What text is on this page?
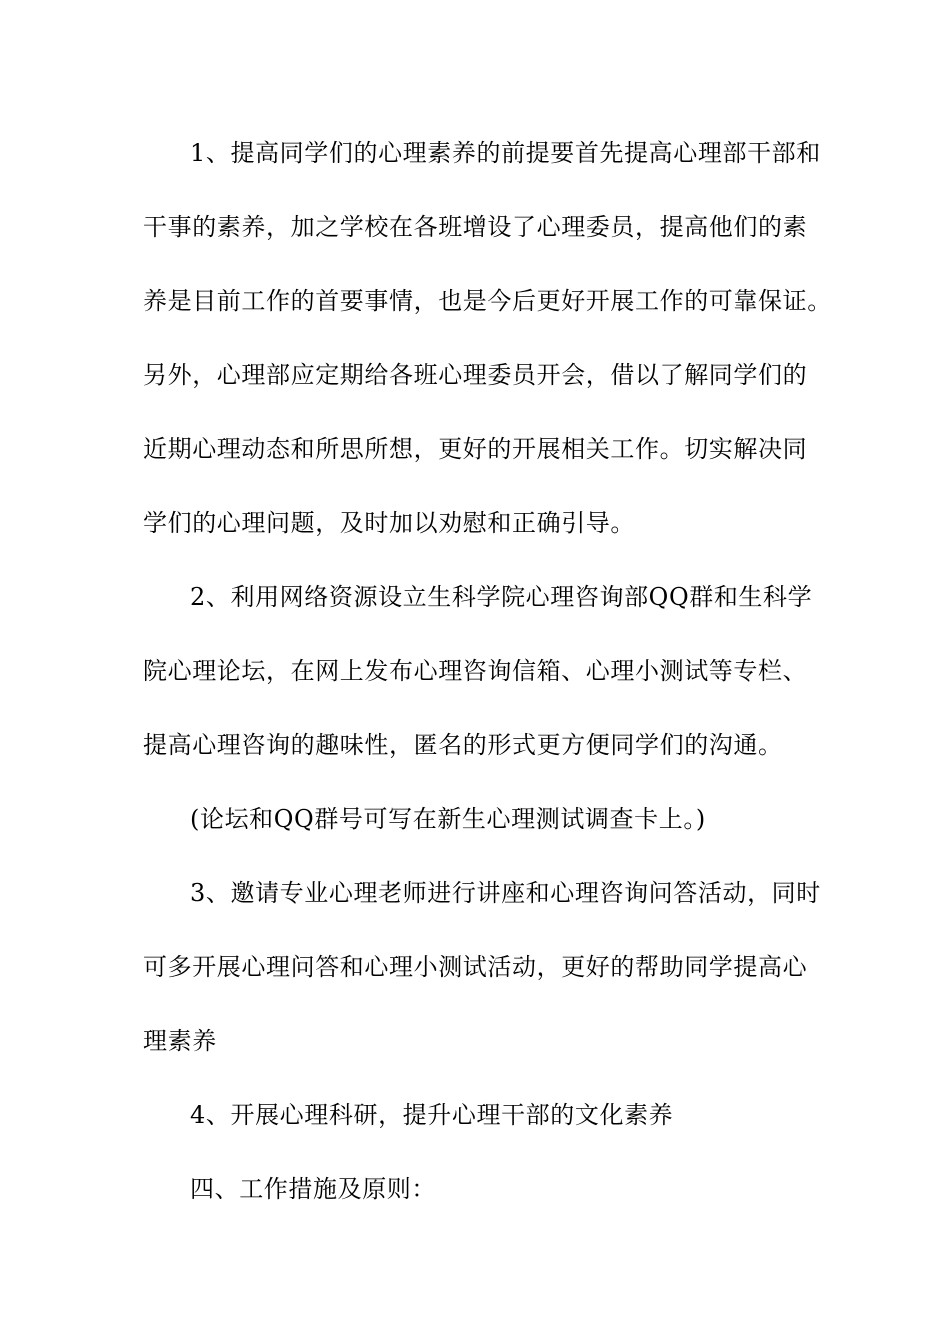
1、提高同学们的心理素养的前提要首先提高心理部干部和
干事的素养，加之学校在各班增设了心理委员，提高他们的素
养是目前工作的首要事情，也是今后更好开展工作的可靠保证。
另外，心理部应定期给各班心理委员开会，借以了解同学们的
近期心理动态和所思所想，更好的开展相关工作。切实解决同
学们的心理问题，及时加以劝慰和正确引导。
2、利用网络资源设立生科学院心理咨询部QQ群和生科学
院心理论坛，在网上发布心理咨询信箱、心理小测试等专栏、
提高心理咨询的趣味性，匿名的形式更方便同学们的沟通。
(论坛和QQ群号可写在新生心理测试调查卡上。)
3、邀请专业心理老师进行讲座和心理咨询问答活动，同时
可多开展心理问答和心理小测试活动，更好的帮助同学提高心
理素养
4、开展心理科研，提升心理干部的文化素养
四、工作措施及原则：
